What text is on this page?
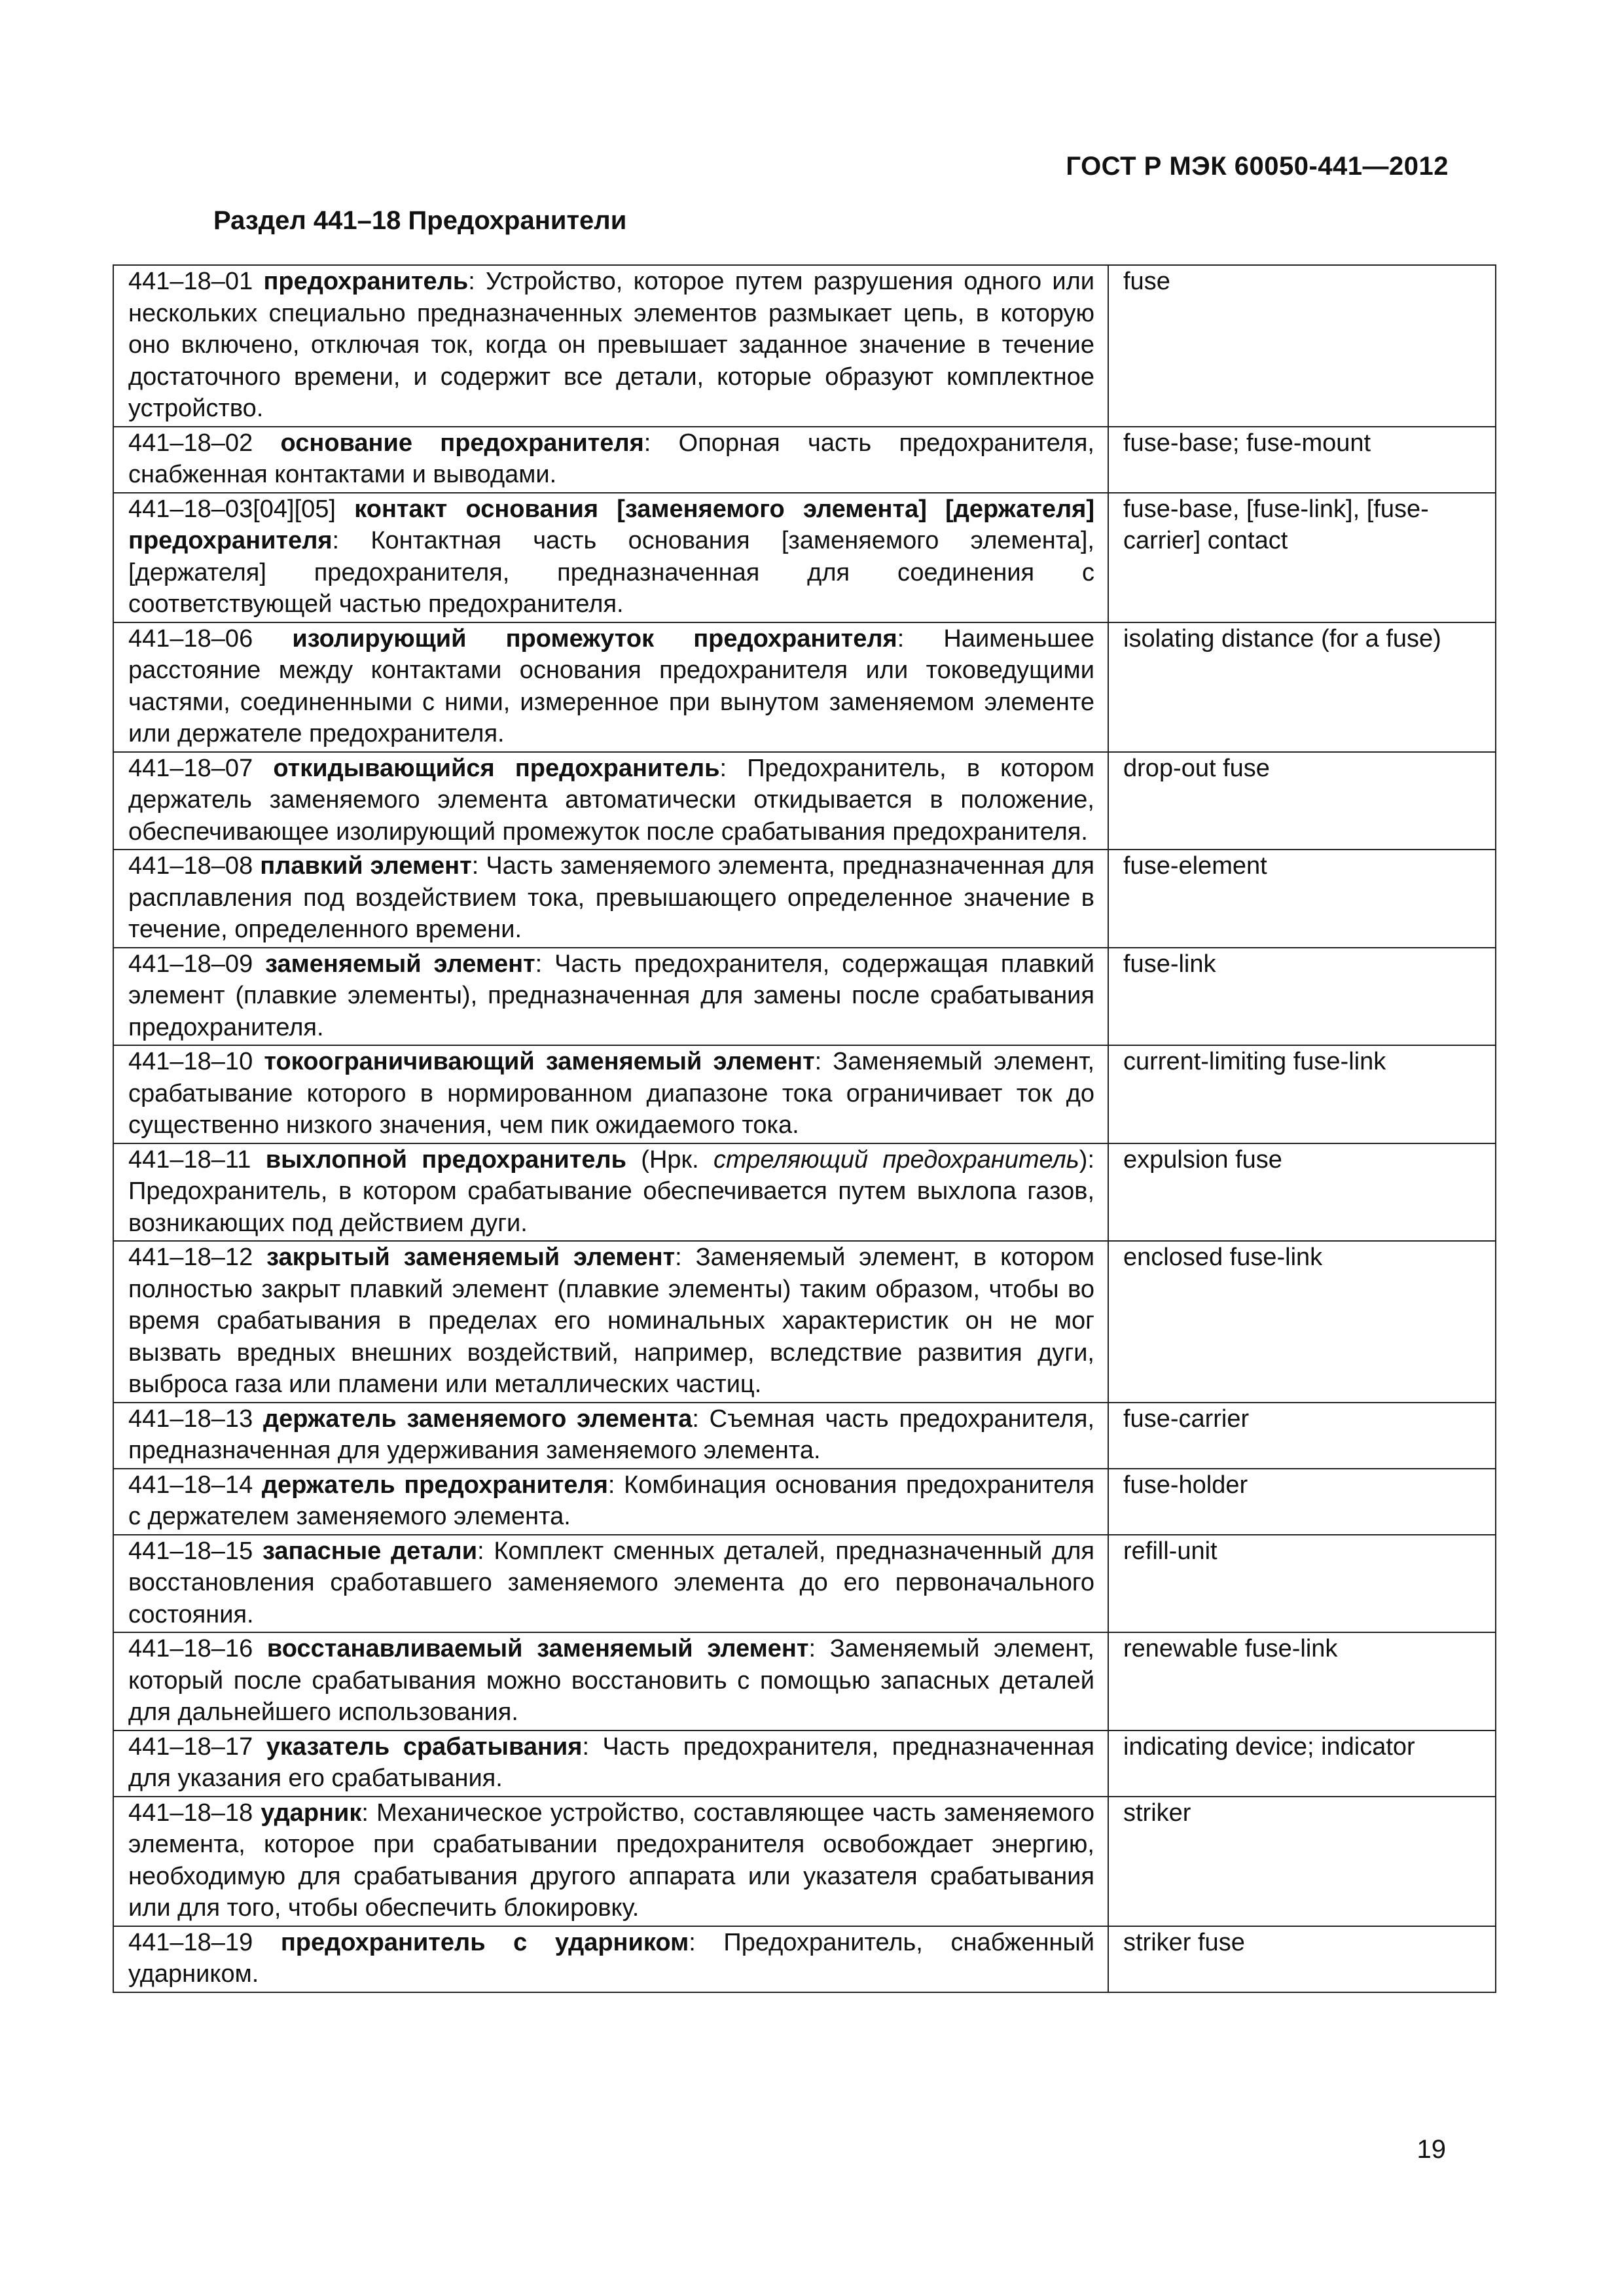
ГОСТ Р МЭК 60050-441—2012
Раздел 441–18 Предохранители
441–18–01 предохранитель: Устройство, которое путем разрушения одного или нескольких специально предназначенных элементов размыкает цепь, в которую оно включено, отключая ток, когда он превышает заданное значение в течение достаточного времени, и содержит все детали, которые образуют комплектное устройство.	fuse
441–18–02 основание предохранителя: Опорная часть предохранителя, снабженная контактами и выводами.	fuse-base; fuse-mount
441–18–03[04][05] контакт основания [заменяемого элемента] [держателя] предохранителя: Контактная часть основания [заменяемого элемента], [держателя] предохранителя, предназначенная для соединения с соответствующей частью предохранителя.	fuse-base, [fuse-link], [fuse-carrier] contact
441–18–06 изолирующий промежуток предохранителя: Наименьшее расстояние между контактами основания предохранителя или токоведущими частями, соединенными с ними, измеренное при вынутом заменяемом элементе или держателе предохранителя.	isolating distance (for a fuse)
441–18–07 откидывающийся предохранитель: Предохранитель, в котором держатель заменяемого элемента автоматически откидывается в положение, обеспечивающее изолирующий промежуток после срабатывания предохранителя.	drop-out fuse
441–18–08 плавкий элемент: Часть заменяемого элемента, предназначенная для расплавления под воздействием тока, превышающего определенное значение в течение, определенного времени.	fuse-element
441–18–09 заменяемый элемент: Часть предохранителя, содержащая плавкий элемент (плавкие элементы), предназначенная для замены после срабатывания предохранителя.	fuse-link
441–18–10 токоограничивающий заменяемый элемент: Заменяемый элемент, срабатывание которого в нормированном диапазоне тока ограничивает ток до существенно низкого значения, чем пик ожидаемого тока.	current-limiting fuse-link
441–18–11 выхлопной предохранитель (Нрк. стреляющий предохранитель): Предохранитель, в котором срабатывание обеспечивается путем выхлопа газов, возникающих под действием дуги.	expulsion fuse
441–18–12 закрытый заменяемый элемент: Заменяемый элемент, в котором полностью закрыт плавкий элемент (плавкие элементы) таким образом, чтобы во время срабатывания в пределах его номинальных характеристик он не мог вызвать вредных внешних воздействий, например, вследствие развития дуги, выброса газа или пламени или металлических частиц.	enclosed fuse-link
441–18–13 держатель заменяемого элемента: Съемная часть предохранителя, предназначенная для удерживания заменяемого элемента.	fuse-carrier
441–18–14 держатель предохранителя: Комбинация основания предохранителя с держателем заменяемого элемента.	fuse-holder
441–18–15 запасные детали: Комплект сменных деталей, предназначенный для восстановления сработавшего заменяемого элемента до его первоначального состояния.	refill-unit
441–18–16 восстанавливаемый заменяемый элемент: Заменяемый элемент, который после срабатывания можно восстановить с помощью запасных деталей для дальнейшего использования.	renewable fuse-link
441–18–17 указатель срабатывания: Часть предохранителя, предназначенная для указания его срабатывания.	indicating device; indicator
441–18–18 ударник: Механическое устройство, составляющее часть заменяемого элемента, которое при срабатывании предохранителя освобождает энергию, необходимую для срабатывания другого аппарата или указателя срабатывания или для того, чтобы обеспечить блокировку.	striker
441–18–19 предохранитель с ударником: Предохранитель, снабженный ударником.	striker fuse
19
